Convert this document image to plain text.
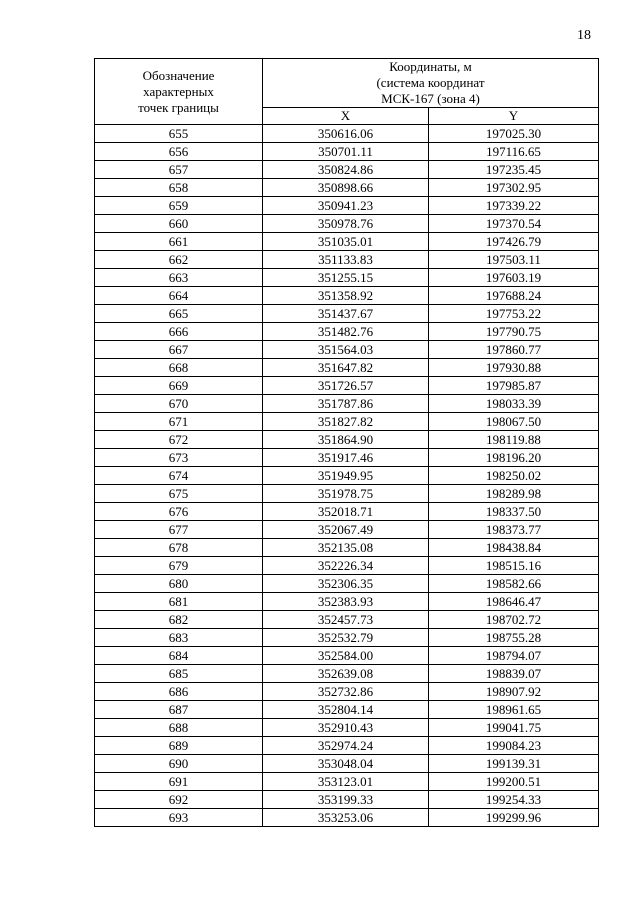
18
Обозначение
характерных
точек границы	Координаты, м
(система координат
МСК-167 (зона 4)	
	X	Y
655	350616.06	197025.30
656	350701.11	197116.65
657	350824.86	197235.45
658	350898.66	197302.95
659	350941.23	197339.22
660	350978.76	197370.54
661	351035.01	197426.79
662	351133.83	197503.11
663	351255.15	197603.19
664	351358.92	197688.24
665	351437.67	197753.22
666	351482.76	197790.75
667	351564.03	197860.77
668	351647.82	197930.88
669	351726.57	197985.87
670	351787.86	198033.39
671	351827.82	198067.50
672	351864.90	198119.88
673	351917.46	198196.20
674	351949.95	198250.02
675	351978.75	198289.98
676	352018.71	198337.50
677	352067.49	198373.77
678	352135.08	198438.84
679	352226.34	198515.16
680	352306.35	198582.66
681	352383.93	198646.47
682	352457.73	198702.72
683	352532.79	198755.28
684	352584.00	198794.07
685	352639.08	198839.07
686	352732.86	198907.92
687	352804.14	198961.65
688	352910.43	199041.75
689	352974.24	199084.23
690	353048.04	199139.31
691	353123.01	199200.51
692	353199.33	199254.33
693	353253.06	199299.96
